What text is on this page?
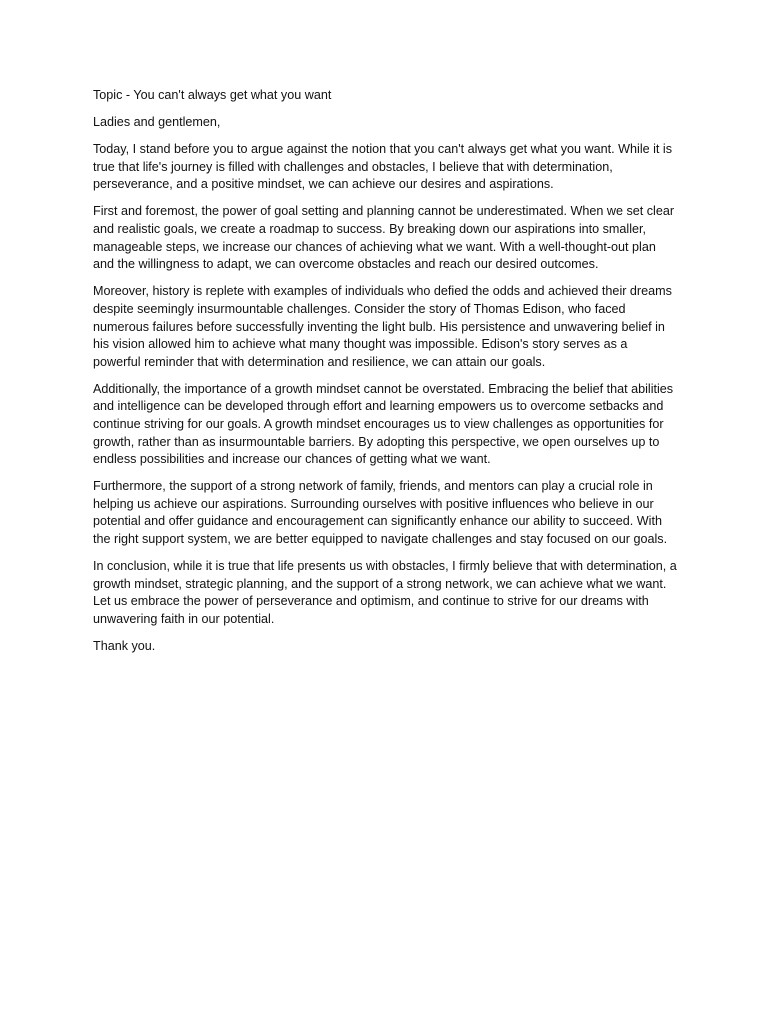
Topic - You can't always get what you want

Ladies and gentlemen,

Today, I stand before you to argue against the notion that you can't always get what you want. While it is true that life's journey is filled with challenges and obstacles, I believe that with determination, perseverance, and a positive mindset, we can achieve our desires and aspirations.

First and foremost, the power of goal setting and planning cannot be underestimated. When we set clear and realistic goals, we create a roadmap to success. By breaking down our aspirations into smaller, manageable steps, we increase our chances of achieving what we want. With a well-thought-out plan and the willingness to adapt, we can overcome obstacles and reach our desired outcomes.

Moreover, history is replete with examples of individuals who defied the odds and achieved their dreams despite seemingly insurmountable challenges. Consider the story of Thomas Edison, who faced numerous failures before successfully inventing the light bulb. His persistence and unwavering belief in his vision allowed him to achieve what many thought was impossible. Edison's story serves as a powerful reminder that with determination and resilience, we can attain our goals.

Additionally, the importance of a growth mindset cannot be overstated. Embracing the belief that abilities and intelligence can be developed through effort and learning empowers us to overcome setbacks and continue striving for our goals. A growth mindset encourages us to view challenges as opportunities for growth, rather than as insurmountable barriers. By adopting this perspective, we open ourselves up to endless possibilities and increase our chances of getting what we want.

Furthermore, the support of a strong network of family, friends, and mentors can play a crucial role in helping us achieve our aspirations. Surrounding ourselves with positive influences who believe in our potential and offer guidance and encouragement can significantly enhance our ability to succeed. With the right support system, we are better equipped to navigate challenges and stay focused on our goals.

In conclusion, while it is true that life presents us with obstacles, I firmly believe that with determination, a growth mindset, strategic planning, and the support of a strong network, we can achieve what we want. Let us embrace the power of perseverance and optimism, and continue to strive for our dreams with unwavering faith in our potential.

Thank you.
